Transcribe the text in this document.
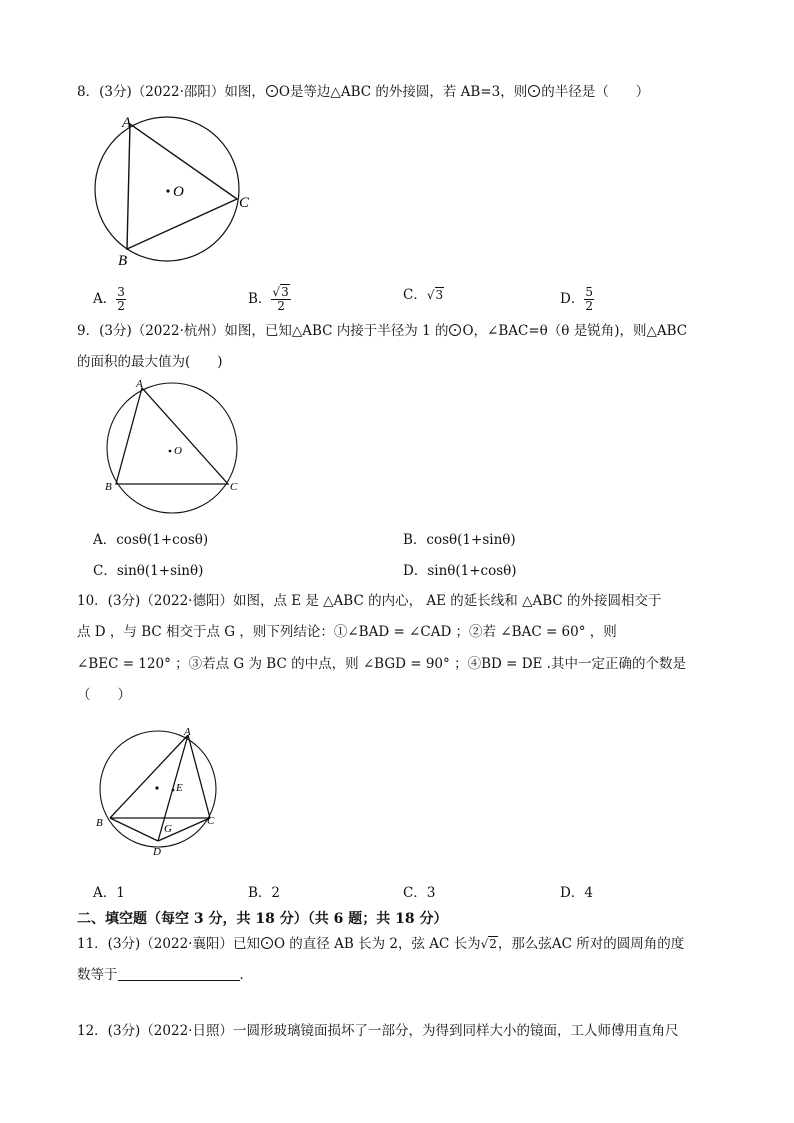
8．(3分)（2022·邵阳）如图， O是等边△ABC 的外接圆，若 AB=3，则 的半径是（　　）
A
B
C
O
A． $\frac{3}{2}$	B． $\frac{√3}{2}$	C．√3	D． $\frac{5}{2}$
9．(3分)（2022·杭州）如图，已知△ABC 内接于半径为 1 的 O，∠BAC=θ（θ 是锐角)，则△ABC
的面积的最大值为(　　)
A
B	C
O
A．cosθ(1+cosθ)	B．cosθ(1+sinθ)
C．sinθ(1+sinθ)	D．sinθ(1+cosθ)
10．(3分)（2022·德阳）如图，点 E 是 △ABC 的内心， AE 的延长线和 △ABC 的外接圆相交于
点 D ，与 BC 相交于点 G ，则下列结论：①∠BAD = ∠CAD ；②若 ∠BAC = 60° ，则
∠BEC = 120° ；③若点 G 为 BC 的中点，则 ∠BGD = 90° ；④BD = DE .其中一定正确的个数是
（　　）
A
B	C
D
E
G
A．1	B．2	C．3	D．4
二、填空题（每空 3 分，共 18 分）（共 6 题；共 18 分）
11．(3分)（2022·襄阳）已知 O 的直径 AB 长为 2，弦 AC 长为√2，那么弦AC 所对的圆周角的度
数等于	．
12．(3分)（2022·日照）一圆形玻璃镜面损坏了一部分，为得到同样大小的镜面，工人师傅用直角尺
